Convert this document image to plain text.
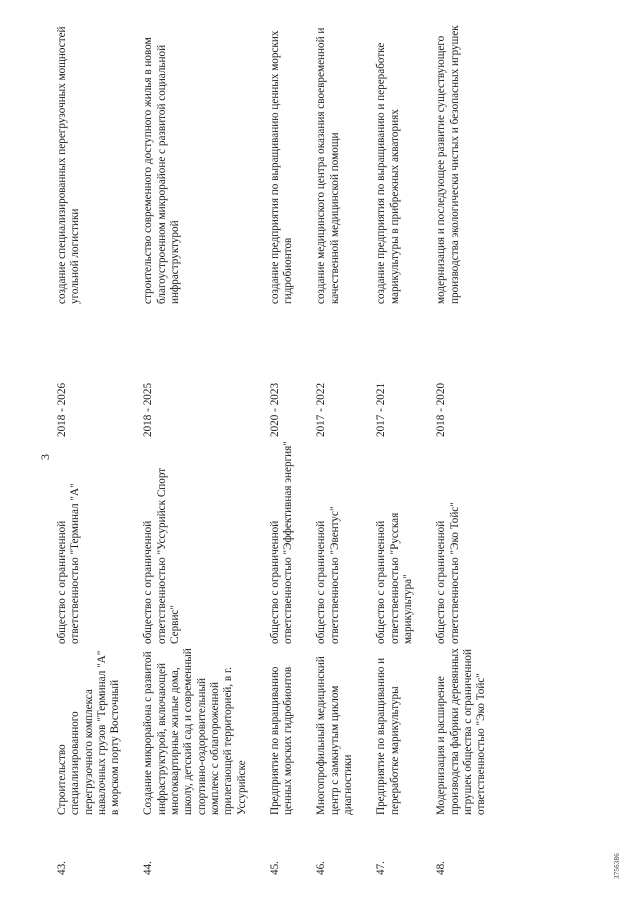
3
43.	Строительство специализированного перегрузочного комплекса навалочных грузов "Терминал "А" в морском порту Восточный	общество с ограниченной ответственностью "Терминал "А"	2018 - 2026	создание специализированных перегрузочных мощностей угольной логистики
44.	Создание микрорайона с развитой инфраструктурой, включающей многоквартирные жилые дома, школу, детский сад и современный спортивно-оздоровительный комплекс с облагороженной прилегающей территорией, в г. Уссурийске	общество с ограниченной ответственностью "Уссурийск Спорт Сервис"	2018 - 2025	строительство современного доступного жилья в новом благоустроенном микрорайоне с развитой социальной инфраструктурой
45.	Предприятие по выращиванию ценных морских гидробионтов	общество с ограниченной ответственностью "Эффективная энергия"	2020 - 2023	создание предприятия по выращиванию ценных морских гидробионтов
46.	Многопрофильный медицинский центр с замкнутым циклом диагностики	общество с ограниченной ответственностью "Эвентус"	2017 - 2022	создание медицинского центра оказания своевременной и качественной медицинской помощи
47.	Предприятие по выращиванию и переработке марикультуры	общество с ограниченной ответственностью "Русская марикультура"	2017 - 2021	создание предприятия по выращиванию и переработке марикультуры в прибрежных акваториях
48.	Модернизация и расширение производства фабрики деревянных игрушек общества с ограниченной ответственностью "Эко Тойс"	общество с ограниченной ответственностью "Эко Тойс"	2018 - 2020	модернизация и последующее развитие существующего производства экологически чистых и безопасных игрушек
3756386
